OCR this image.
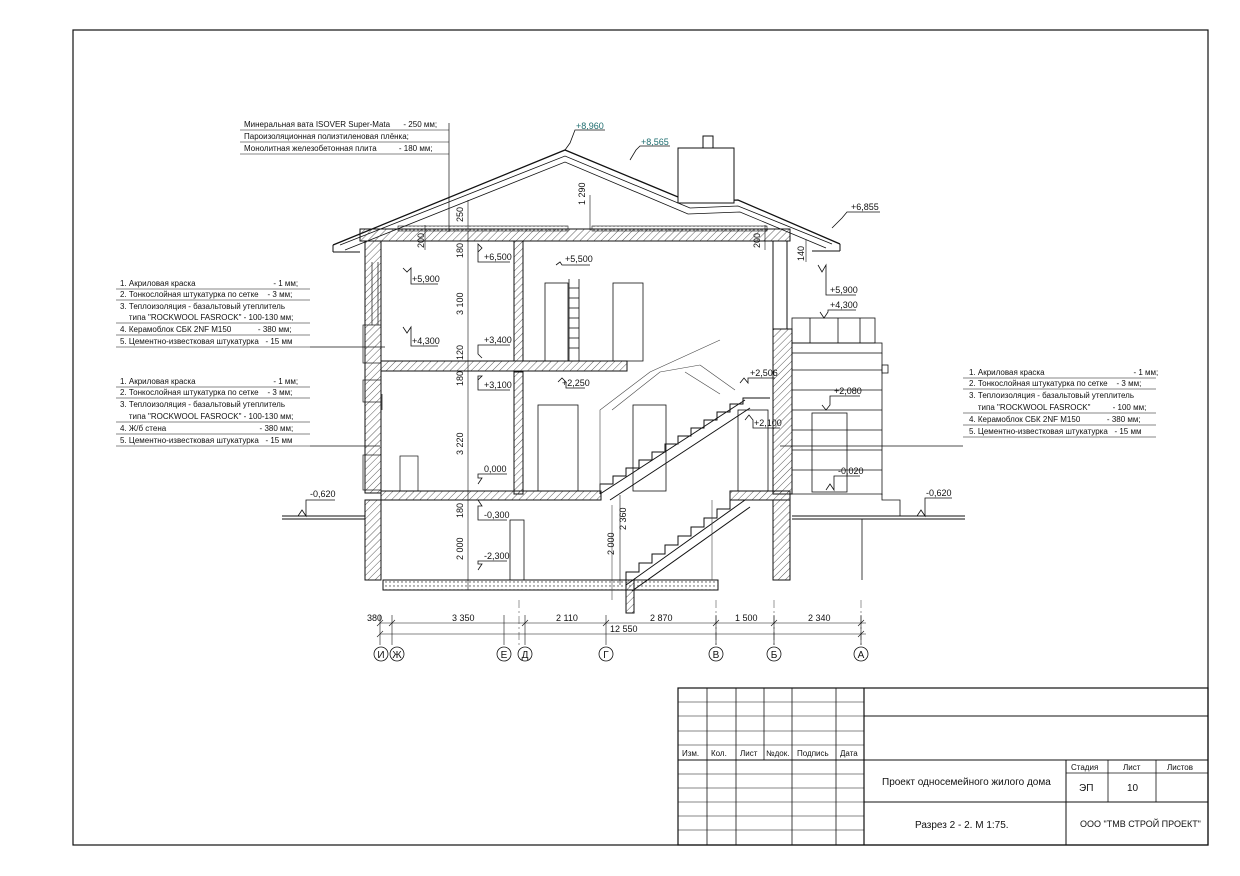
Минеральная вата ISOVER Super-Mata      - 250 мм;
Пароизоляционная полиэтиленовая плёнка;
Монолитная железобетонная плита          - 180 мм;
1. Акриловая краска                                   - 1 мм;
2. Тонкослойная штукатурка по сетке    - 3 мм;
3. Теплоизоляция - базальтовый утеплитель
типа "ROCKWOOL FASROCK" - 100-130 мм;
4. Керамоблок СБК 2NF М150            - 380 мм;
5. Цементно-известковая штукатурка   - 15 мм
1. Акриловая краска                                   - 1 мм;
2. Тонкослойная штукатурка по сетке    - 3 мм;
3. Теплоизоляция - базальтовый утеплитель
типа "ROCKWOOL FASROCK" - 100-130 мм;
4. Ж/б стена                                          - 380 мм;
5. Цементно-известковая штукатурка   - 15 мм
1. Акриловая краска                                        - 1 мм;
2. Тонкослойная штукатурка по сетке    - 3 мм;
3. Теплоизоляция - базальтовый утеплитель
типа "ROCKWOOL FASROCK"          - 100 мм;
4. Керамоблок СБК 2NF М150            - 380 мм;
5. Цементно-известковая штукатурка   - 15 мм
+8,960
+8,565
+6,855
+6,500	+5,500
+5,900
+5,900
+4,300
+4,300	+3,400
+3,100
+2,506
+2,250
+2,100
+2,080
0,000	-0,020
-0,300
-2,300
-0,620	-0,620
250
180
200
1 290
200
140
3 100
120
180
3 220
180
2 000	2 000
2 360
380	3 350	2 110	2 870	1 500	2 340
12 550
И Ж	Е Д	Г	В	Б	А
Изм. Кол. Лист №док. Подпись Дата
Проект односемейного жилого дома
Разрез 2 - 2. М 1:75.
Стадия	Лист	Листов
ЭП	10
ООО "ТМВ СТРОЙ ПРОЕКТ"
